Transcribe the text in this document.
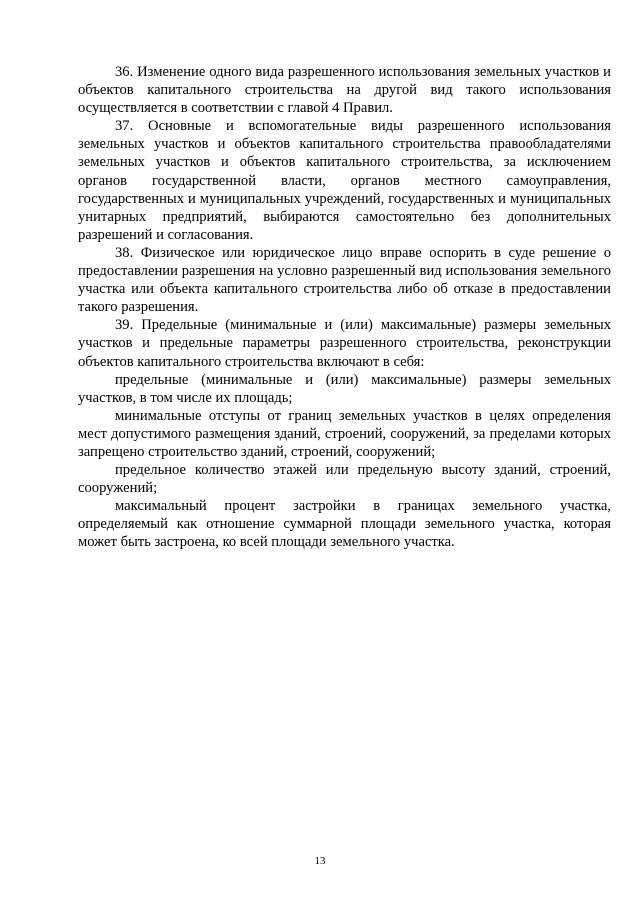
36. Изменение одного вида разрешенного использования земельных участков и объектов капитального строительства на другой вид такого использования осуществляется в соответствии с главой 4 Правил.

37. Основные и вспомогательные виды разрешенного использования земельных участков и объектов капитального строительства правообладателями земельных участков и объектов капитального строительства, за исключением органов государственной власти, органов местного самоуправления, государственных и муниципальных учреждений, государственных и муниципальных унитарных предприятий, выбираются самостоятельно без дополнительных разрешений и согласования.

38. Физическое или юридическое лицо вправе оспорить в суде решение о предоставлении разрешения на условно разрешенный вид использования земельного участка или объекта капитального строительства либо об отказе в предоставлении такого разрешения.

39. Предельные (минимальные и (или) максимальные) размеры земельных участков и предельные параметры разрешенного строительства, реконструкции объектов капитального строительства включают в себя:

предельные (минимальные и (или) максимальные) размеры земельных участков, в том числе их площадь;

минимальные отступы от границ земельных участков в целях определения мест допустимого размещения зданий, строений, сооружений, за пределами которых запрещено строительство зданий, строений, сооружений;

предельное количество этажей или предельную высоту зданий, строений, сооружений;

максимальный процент застройки в границах земельного участка, определяемый как отношение суммарной площади земельного участка, которая может быть застроена, ко всей площади земельного участка.

13
